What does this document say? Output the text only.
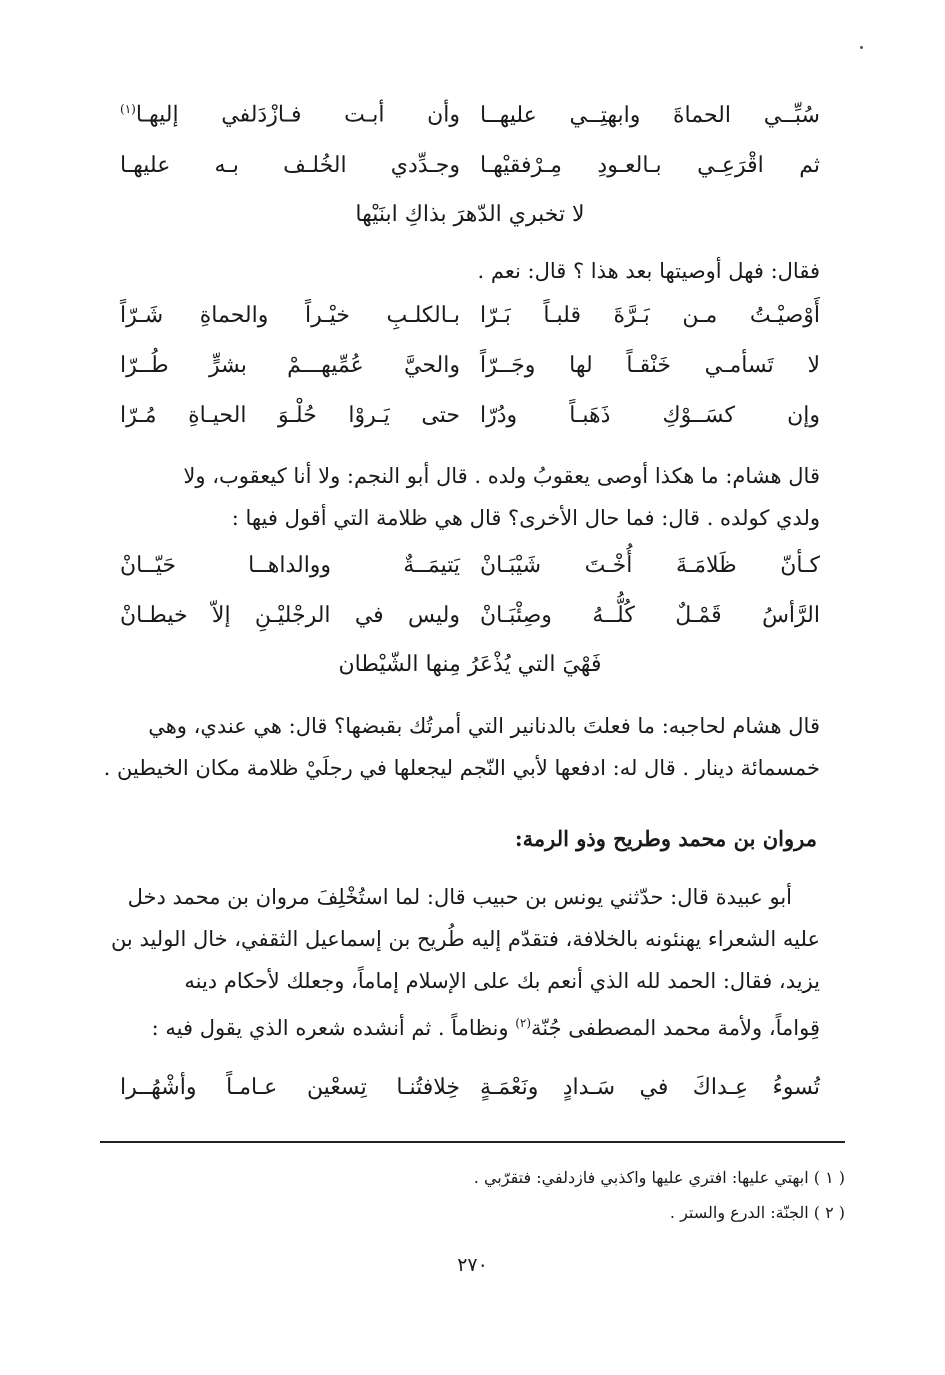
سُبِّــي الحماةَ وابهتِــي عليهــا
وأن أبـت فـازْدَلفي إليهـا$^{(١)}$
ثم اقْرَعِـي بـالعـودِ مِـرْفقيْهـا
وجـدِّدي الخُلـف بـه عليهـا
لا تخبري الدّهرَ بذاكِ ابنَيْها

فقال: فهل أوصيتها بعد هذا ؟ قال: نعم .

أَوْصيْـتُ مـن بَـرَّةَ قلبـاً بَـرّا
بـالكلـبِ خيْـراً والحماةِ شَـرّاً
لا تَسأمـي خَنْقـاً لها وجَــرّاً
والحيَّ عُمِّيهـــمْ بشرٍّ طُــرّا
وإن كسَــوْكِ ذَهَبـاً ودُرّا
حتى يَـروْا حُلْـوَ الحيـاةِ مُـرّا

قال هشام: ما هكذا أوصى يعقوبُ ولده . قال أبو النجم: ولا أنا كيعقوب، ولا

ولدي كولده . قال: فما حال الأخرى؟ قال هي ظلامة التي أقول فيها :

كـأنّ ظَلامَـةَ أُخْـتَ شَيْبَـانْ
يَتيمَــةٌ ووالداهــا حَيّــانْ
الرَّأسُ قَمْـلٌ كُلُّــهُ وصِئْبَـانْ
وليس في الرجْليْـنِ إلاّ خيطـانْ
فَهْيَ التي يُذْعَرُ مِنها الشّيْطان

قال هشام لحاجبه: ما فعلتَ بالدنانير التي أمرتُك بقبضها؟ قال: هي عندي، وهي

خمسمائة دينار . قال له: ادفعها لأبي النّجم ليجعلها في رجلَيْ ظلامة مكان الخيطين .

مروان بن محمد وطريح وذو الرمة:

أبو عبيدة قال: حدّثني يونس بن حبيب قال: لما استُخْلِفَ مروان بن محمد دخل

عليه الشعراء يهنئونه بالخلافة، فتقدّم إليه طُريح بن إسماعيل الثقفي، خال الوليد بن

يزيد، فقال: الحمد لله الذي أنعم بك على الإسلام إماماً، وجعلك لأحكام دينه

قِواماً، ولأمة محمد المصطفى جُنّة$^{(٢)}$ ونظاماً . ثم أنشده شعره الذي يقول فيه :

تُسوءُ عِـداكَ في سَـدادٍ ونَعْمَـةٍ
خِلافتُنـا تِسعْين عـامـاً وأشْهُــرا
( ١ ) ابهتي عليها: افتري عليها واكذبي فازدلفي: فتقرّبي .
( ٢ ) الجنّة: الدرع والستر .
٢٧٠
